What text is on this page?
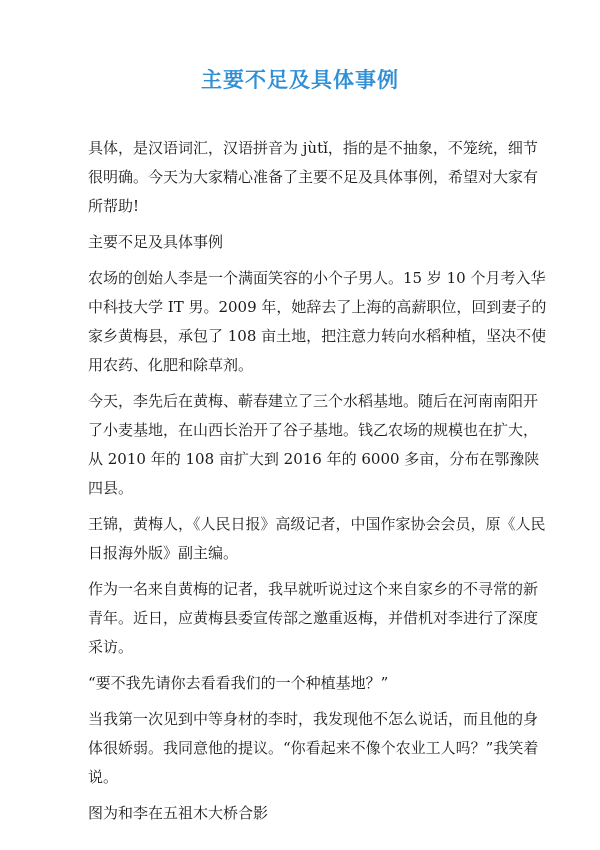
主要不足及具体事例

具体，是汉语词汇，汉语拼音为 jùtǐ，指的是不抽象，不笼统，细节很明确。今天为大家精心准备了主要不足及具体事例，希望对大家有所帮助!

主要不足及具体事例

农场的创始人李是一个满面笑容的小个子男人。15 岁 10 个月考入华中科技大学 IT 男。2009 年，她辞去了上海的高薪职位，回到妻子的家乡黄梅县，承包了 108 亩土地，把注意力转向水稻种植，坚决不使用农药、化肥和除草剂。

今天，李先后在黄梅、蕲春建立了三个水稻基地。随后在河南南阳开了小麦基地，在山西长治开了谷子基地。钱乙农场的规模也在扩大，从 2010 年的 108 亩扩大到 2016 年的 6000 多亩，分布在鄂豫陕四县。

王锦，黄梅人，《人民日报》高级记者，中国作家协会会员，原《人民日报海外版》副主编。

作为一名来自黄梅的记者，我早就听说过这个来自家乡的不寻常的新青年。近日，应黄梅县委宣传部之邀重返梅，并借机对李进行了深度采访。

“要不我先请你去看看我们的一个种植基地？”

当我第一次见到中等身材的李时，我发现他不怎么说话，而且他的身体很娇弱。我同意他的提议。“你看起来不像个农业工人吗？”我笑着说。

图为和李在五祖木大桥合影
